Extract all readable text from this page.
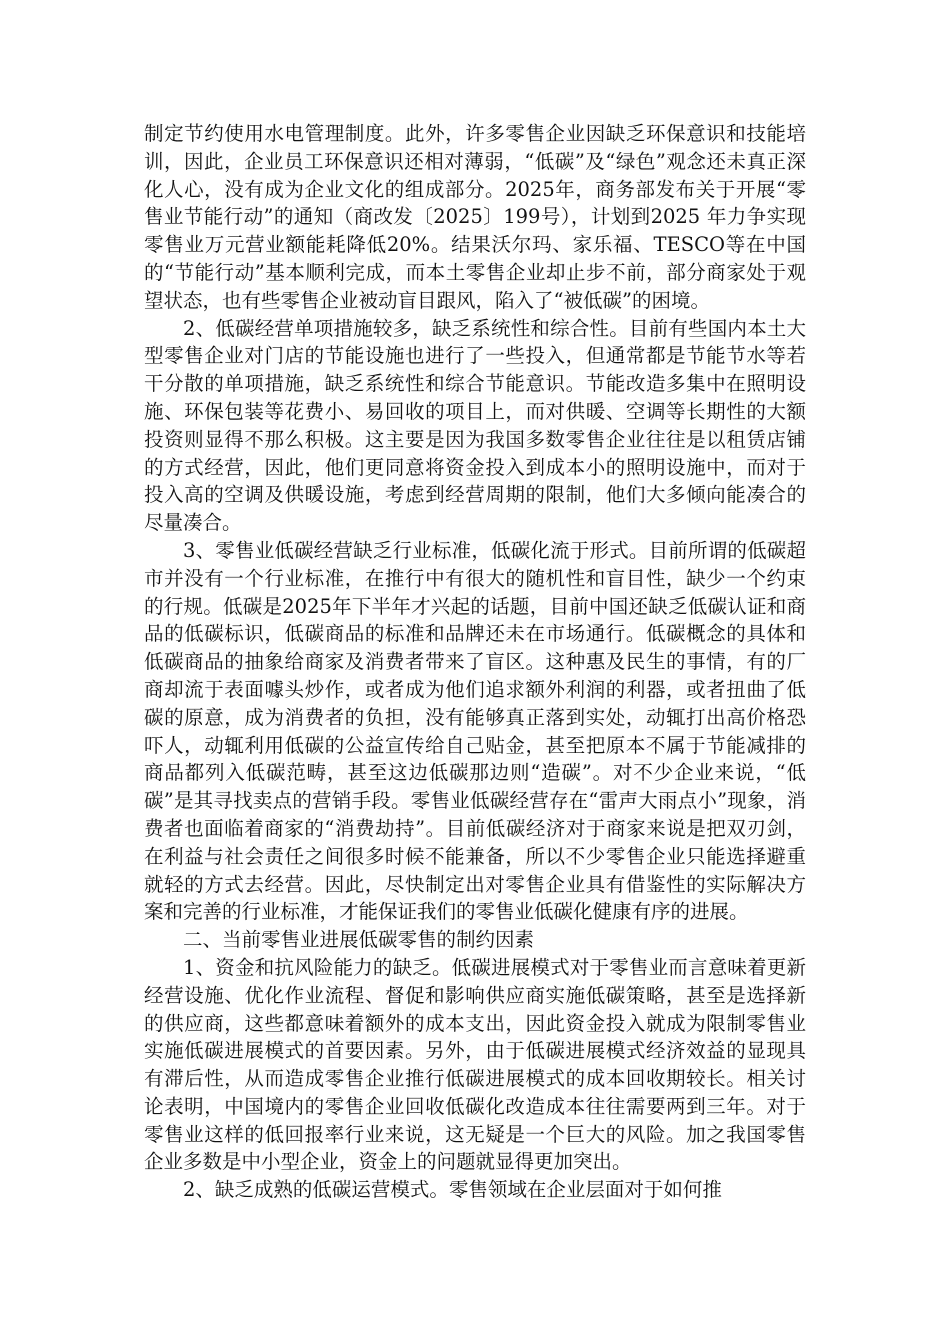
制定节约使用水电管理制度。此外，许多零售企业因缺乏环保意识和技能培训，因此，企业员工环保意识还相对薄弱，“低碳”及“绿色”观念还未真正深化人心，没有成为企业文化的组成部分。2025年，商务部发布关于开展“零售业节能行动”的通知（商改发〔2025〕199号），计划到2025 年力争实现零售业万元营业额能耗降低20%。结果沃尔玛、家乐福、TESCO等在中国的“节能行动”基本顺利完成，而本土零售企业却止步不前，部分商家处于观望状态，也有些零售企业被动盲目跟风，陷入了“被低碳”的困境。

2、低碳经营单项措施较多，缺乏系统性和综合性。目前有些国内本土大型零售企业对门店的节能设施也进行了一些投入，但通常都是节能节水等若干分散的单项措施，缺乏系统性和综合节能意识。节能改造多集中在照明设施、环保包装等花费小、易回收的项目上，而对供暖、空调等长期性的大额投资则显得不那么积极。这主要是因为我国多数零售企业往往是以租赁店铺的方式经营，因此，他们更同意将资金投入到成本小的照明设施中，而对于投入高的空调及供暖设施，考虑到经营周期的限制，他们大多倾向能凑合的尽量凑合。

3、零售业低碳经营缺乏行业标准，低碳化流于形式。目前所谓的低碳超市并没有一个行业标准，在推行中有很大的随机性和盲目性，缺少一个约束的行规。低碳是2025年下半年才兴起的话题，目前中国还缺乏低碳认证和商品的低碳标识，低碳商品的标准和品牌还未在市场通行。低碳概念的具体和低碳商品的抽象给商家及消费者带来了盲区。这种惠及民生的事情，有的厂商却流于表面噱头炒作，或者成为他们追求额外利润的利器，或者扭曲了低碳的原意，成为消费者的负担，没有能够真正落到实处，动辄打出高价格恐吓人，动辄利用低碳的公益宣传给自己贴金，甚至把原本不属于节能减排的商品都列入低碳范畴，甚至这边低碳那边则“造碳”。对不少企业来说，“低碳”是其寻找卖点的营销手段。零售业低碳经营存在“雷声大雨点小”现象，消费者也面临着商家的“消费劫持”。目前低碳经济对于商家来说是把双刃剑，在利益与社会责任之间很多时候不能兼备，所以不少零售企业只能选择避重就轻的方式去经营。因此，尽快制定出对零售企业具有借鉴性的实际解决方案和完善的行业标准，才能保证我们的零售业低碳化健康有序的进展。

二、当前零售业进展低碳零售的制约因素

1、资金和抗风险能力的缺乏。低碳进展模式对于零售业而言意味着更新经营设施、优化作业流程、督促和影响供应商实施低碳策略，甚至是选择新的供应商，这些都意味着额外的成本支出，因此资金投入就成为限制零售业实施低碳进展模式的首要因素。另外，由于低碳进展模式经济效益的显现具有滞后性，从而造成零售企业推行低碳进展模式的成本回收期较长。相关讨论表明，中国境内的零售企业回收低碳化改造成本往往需要两到三年。对于零售业这样的低回报率行业来说，这无疑是一个巨大的风险。加之我国零售企业多数是中小型企业，资金上的问题就显得更加突出。

2、缺乏成熟的低碳运营模式。零售领域在企业层面对于如何推
